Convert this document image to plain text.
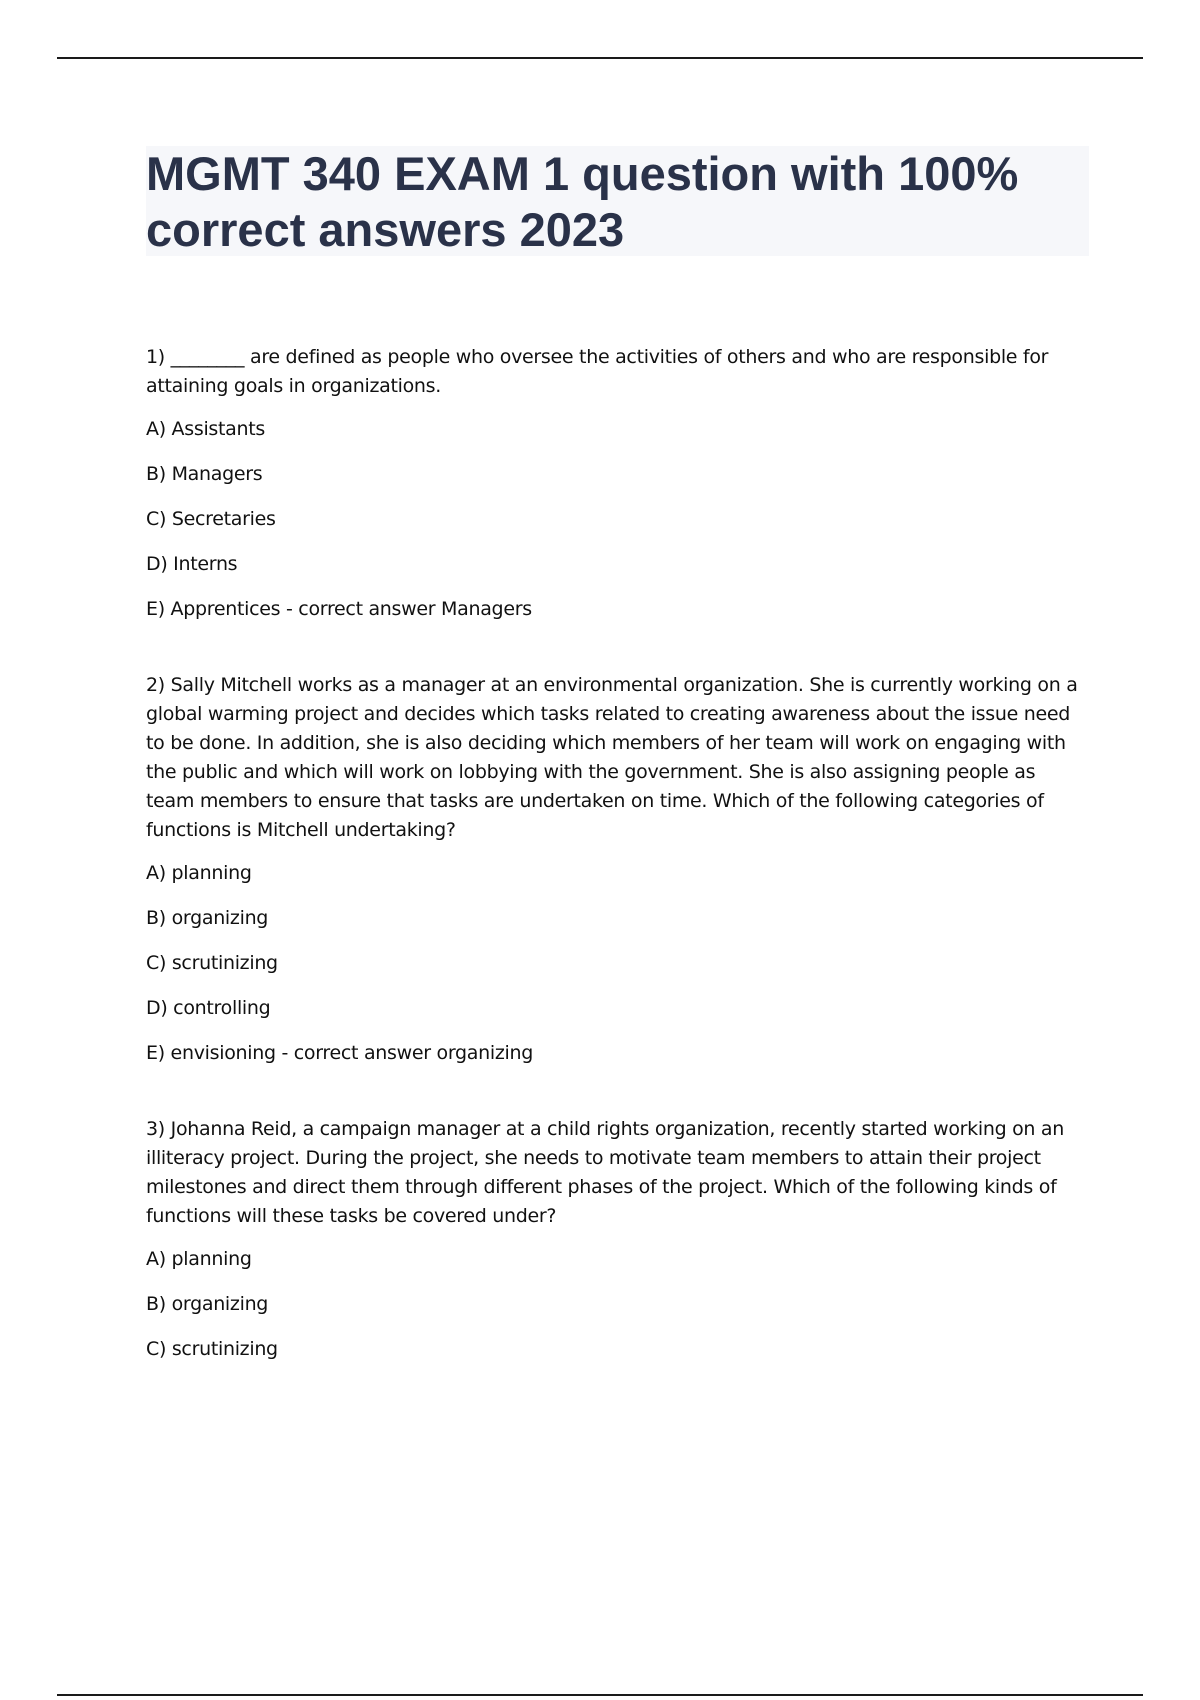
MGMT 340 EXAM 1 question with 100% correct answers 2023

1) ________ are defined as people who oversee the activities of others and who are responsible for attaining goals in organizations.

A) Assistants

B) Managers

C) Secretaries

D) Interns

E) Apprentices - correct answer Managers

2) Sally Mitchell works as a manager at an environmental organization. She is currently working on a global warming project and decides which tasks related to creating awareness about the issue need to be done. In addition, she is also deciding which members of her team will work on engaging with the public and which will work on lobbying with the government. She is also assigning people as team members to ensure that tasks are undertaken on time. Which of the following categories of functions is Mitchell undertaking?

A) planning

B) organizing

C) scrutinizing

D) controlling

E) envisioning - correct answer organizing

3) Johanna Reid, a campaign manager at a child rights organization, recently started working on an illiteracy project. During the project, she needs to motivate team members to attain their project milestones and direct them through different phases of the project. Which of the following kinds of functions will these tasks be covered under?

A) planning

B) organizing

C) scrutinizing
